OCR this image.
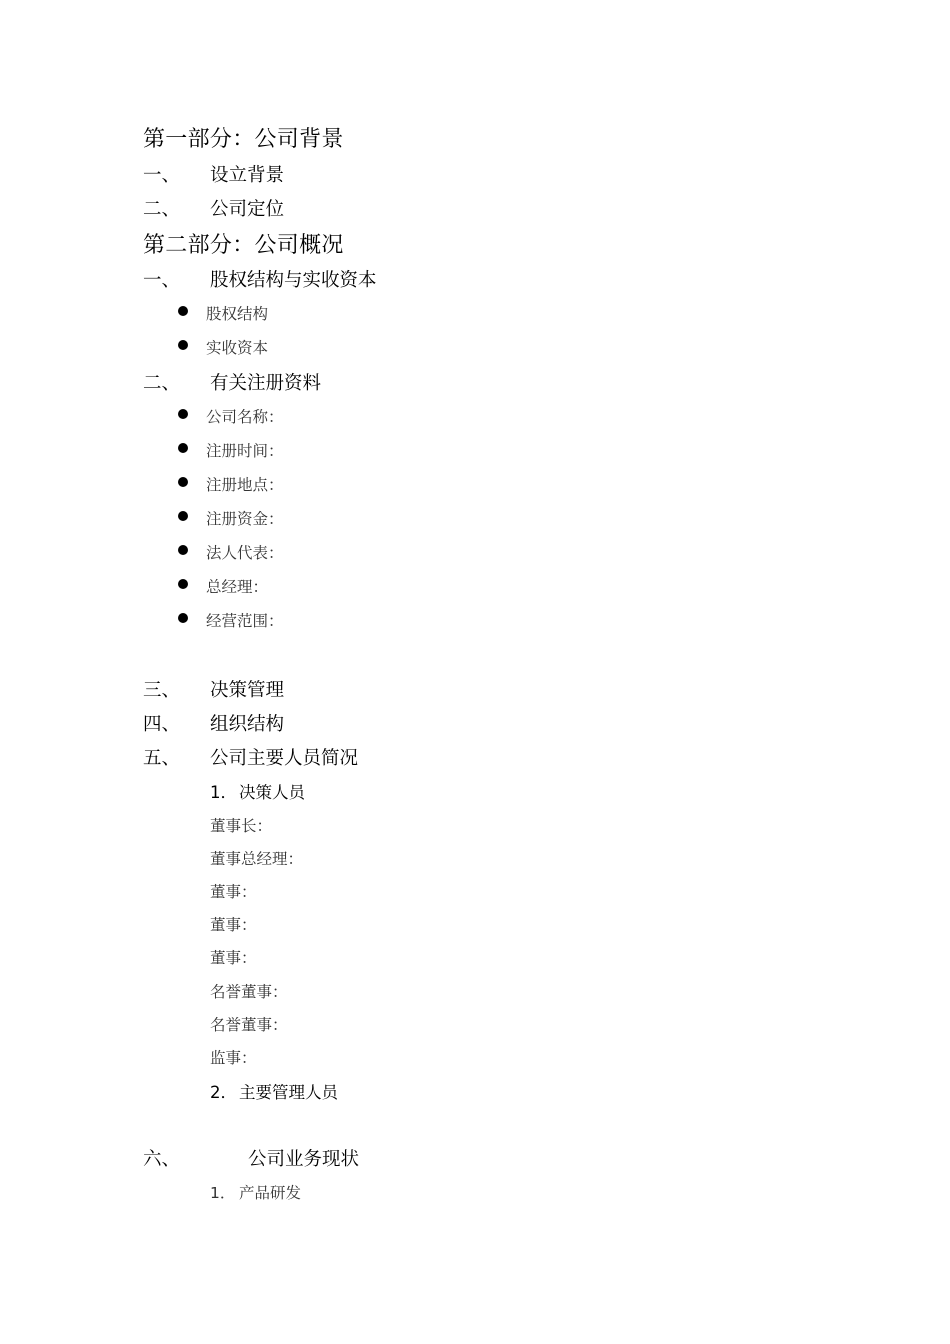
第一部分：公司背景
一、 设立背景
二、 公司定位
第二部分：公司概况
一、 股权结构与实收资本
股权结构
实收资本
二、 有关注册资料
公司名称：
注册时间：
注册地点：
注册资金：
法人代表：
总经理：
经营范围：
三、 决策管理
四、 组织结构
五、 公司主要人员简况
1． 决策人员
董事长：
董事总经理：
董事：
董事：
董事：
名誉董事：
名誉董事：
监事：
2． 主要管理人员
六、	公司业务现状
1． 产品研发
